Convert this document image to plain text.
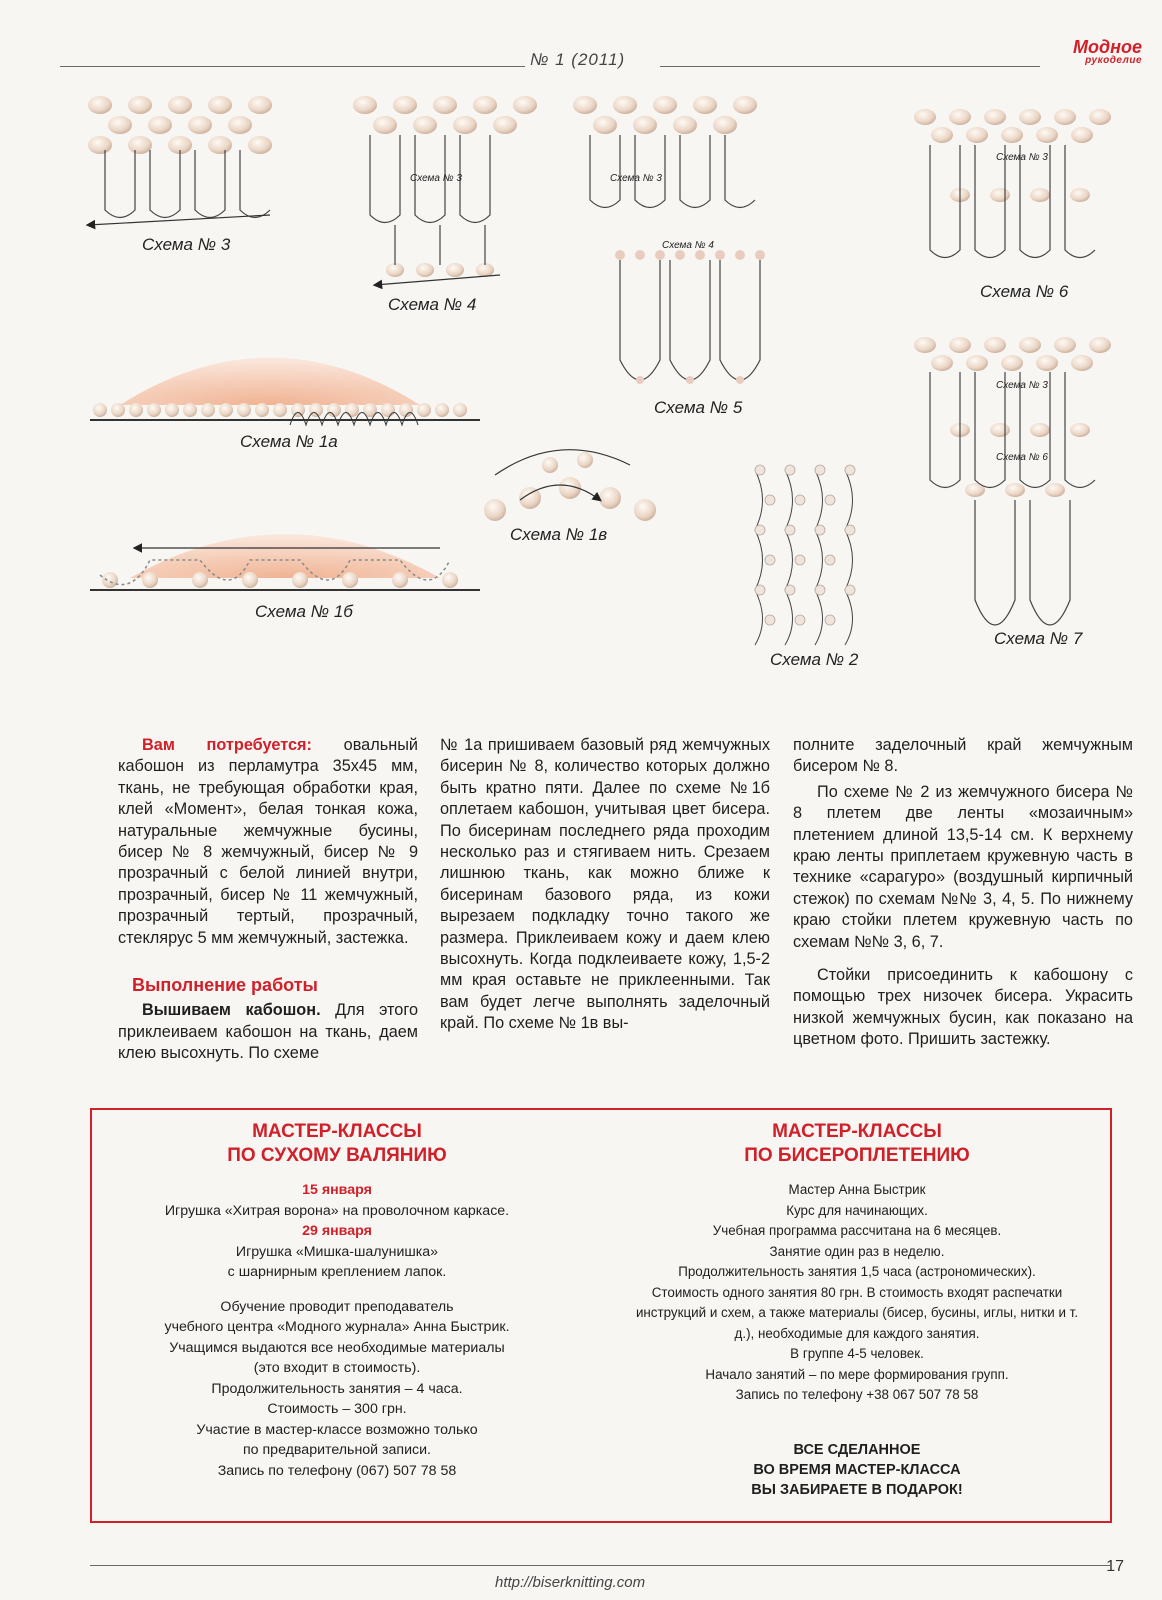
№ 1 (2011)
Модное
рукоделие
Схема № 3
Схема № 3
Схема № 4
Схема № 3
Схема № 4
Схема № 5
Схема № 3
Схема № 6
Схема № 3
Схема № 6
Схема № 7
Схема № 1а
Схема № 1б
Схема № 1в
Схема № 2

Вам потребуется: овальный кабошон из перламутра 35х45 мм, ткань, не требующая обработки края, клей «Момент», белая тонкая кожа, натуральные жемчужные бусины, бисер № 8 жемчужный, бисер № 9 прозрачный с белой линией внутри, прозрачный, бисер № 11 жемчужный, прозрачный тертый, прозрачный, стеклярус 5 мм жемчужный, застежка.

Выполнение работы

Вышиваем кабошон. Для этого приклеиваем кабошон на ткань, даем клею высохнуть. По схеме

№ 1а пришиваем базовый ряд жемчужных бисерин № 8, количество которых должно быть кратно пяти. Далее по схеме №1б оплетаем кабошон, учитывая цвет бисера. По бисеринам последнего ряда проходим несколько раз и стягиваем нить. Срезаем лишнюю ткань, как можно ближе к бисеринам базового ряда, из кожи вырезаем подкладку точно такого же размера. Приклеиваем кожу и даем клею высохнуть. Когда подклеиваете кожу, 1,5-2 мм края оставьте не приклеенными. Так вам будет легче выполнять заделочный край. По схеме № 1в вы-

полните заделочный край жемчужным бисером № 8.

По схеме № 2 из жемчужного бисера № 8 плетем две ленты «мозаичным» плетением длиной 13,5-14 см. К верхнему краю ленты приплетаем кружевную часть в технике «сарагуро» (воздушный кирпичный стежок) по схемам №№ 3, 4, 5. По нижнему краю стойки плетем кружевную часть по схемам №№ 3, 6, 7.

Стойки присоединить к кабошону с помощью трех низочек бисера. Украсить низкой жемчужных бусин, как показано на цветном фото. Пришить застежку.

МАСТЕР-КЛАССЫ
ПО СУХОМУ ВАЛЯНИЮ
15 января
Игрушка «Хитрая ворона» на проволочном каркасе.
29 января
Игрушка «Мишка-шалунишка»
с шарнирным креплением лапок.
Обучение проводит преподаватель
учебного центра «Модного журнала» Анна Быстрик.
Учащимся выдаются все необходимые материалы
(это входит в стоимость).
Продолжительность занятия – 4 часа.
Стоимость – 300 грн.
Участие в мастер-классе возможно только
по предварительной записи.
Запись по телефону (067) 507 78 58
МАСТЕР-КЛАССЫ
ПО БИСЕРОПЛЕТЕНИЮ
Мастер Анна Быстрик
Курс для начинающих.
Учебная программа рассчитана на 6 месяцев.
Занятие один раз в неделю.
Продолжительность занятия 1,5 часа (астрономических).
Стоимость одного занятия 80 грн. В стоимость входят распечатки инструкций и схем, а также материалы (бисер, бусины, иглы, нитки и т. д.), необходимые для каждого занятия.
В группе 4-5 человек.
Начало занятий – по мере формирования групп.
Запись по телефону +38 067 507 78 58
ВСЕ СДЕЛАННОЕ
ВО ВРЕМЯ МАСТЕР-КЛАССА
ВЫ ЗАБИРАЕТЕ В ПОДАРОК!
http://biserknitting.com
17
